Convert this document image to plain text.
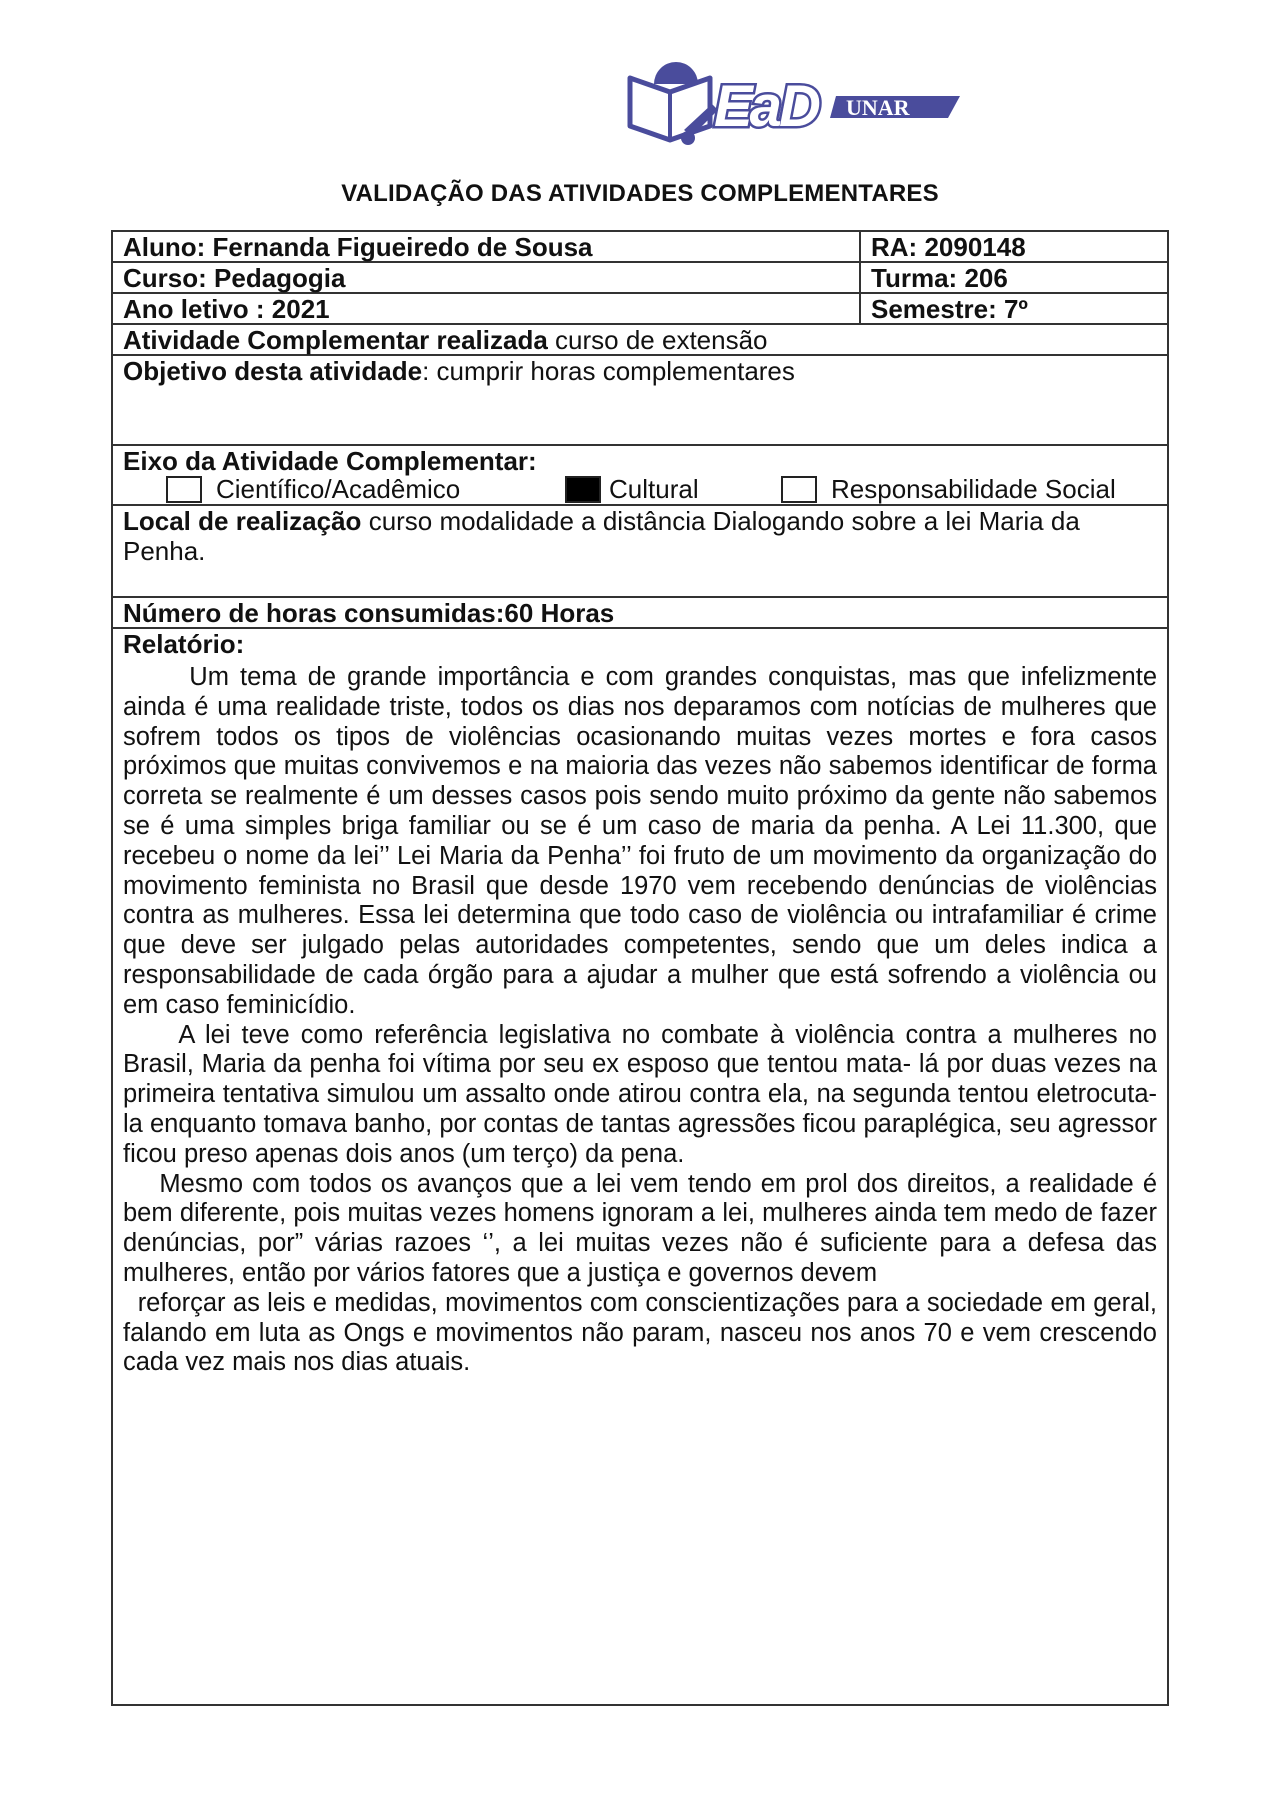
EaD UNAR
VALIDAÇÃO DAS ATIVIDADES COMPLEMENTARES
Aluno: Fernanda Figueiredo de Sousa	RA: 2090148
Curso: Pedagogia	Turma: 206
Ano letivo : 2021	Semestre: 7º
Atividade Complementar realizada curso de extensão
Objetivo desta atividade: cumprir horas complementares
Eixo da Atividade Complementar:
Científico/Acadêmico	Cultural	Responsabilidade Social
Local de realização curso modalidade a distância Dialogando sobre a lei Maria da Penha.
Número de horas consumidas:60 Horas
Relatório:

Um tema de grande importância e com grandes conquistas, mas que infelizmente ainda é uma realidade triste, todos os dias nos deparamos com notícias de mulheres que sofrem todos os tipos de violências ocasionando muitas vezes mortes e fora casos próximos que muitas convivemos e na maioria das vezes não sabemos identificar de forma correta se realmente é um desses casos pois sendo muito próximo da gente não sabemos se é uma simples briga familiar ou se é um caso de maria da penha. A Lei 11.300, que recebeu o nome da lei’’ Lei Maria da Penha’’ foi fruto de um movimento da organização do movimento feminista no Brasil que desde 1970 vem recebendo denúncias de violências contra as mulheres. Essa lei determina que todo caso de violência ou intrafamiliar é crime que deve ser julgado pelas autoridades competentes, sendo que um deles indica a responsabilidade de cada órgão para a ajudar a mulher que está sofrendo a violência ou em caso feminicídio.

A lei teve como referência legislativa no combate à violência contra a mulheres no Brasil, Maria da penha foi vítima por seu ex esposo que tentou mata- lá por duas vezes na primeira tentativa simulou um assalto onde atirou contra ela, na segunda tentou eletrocuta-la enquanto tomava banho, por contas de tantas agressões ficou paraplégica, seu agressor ficou preso apenas dois anos (um terço) da pena.

Mesmo com todos os avanços que a lei vem tendo em prol dos direitos, a realidade é bem diferente, pois muitas vezes homens ignoram a lei, mulheres ainda tem medo de fazer denúncias, por” várias razoes ‘’, a lei muitas vezes não é suficiente para a defesa das mulheres, então por vários fatores que a justiça e governos devem

reforçar as leis e medidas, movimentos com conscientizações para a sociedade em geral, falando em luta as Ongs e movimentos não param, nasceu nos anos 70 e vem crescendo cada vez mais nos dias atuais.
